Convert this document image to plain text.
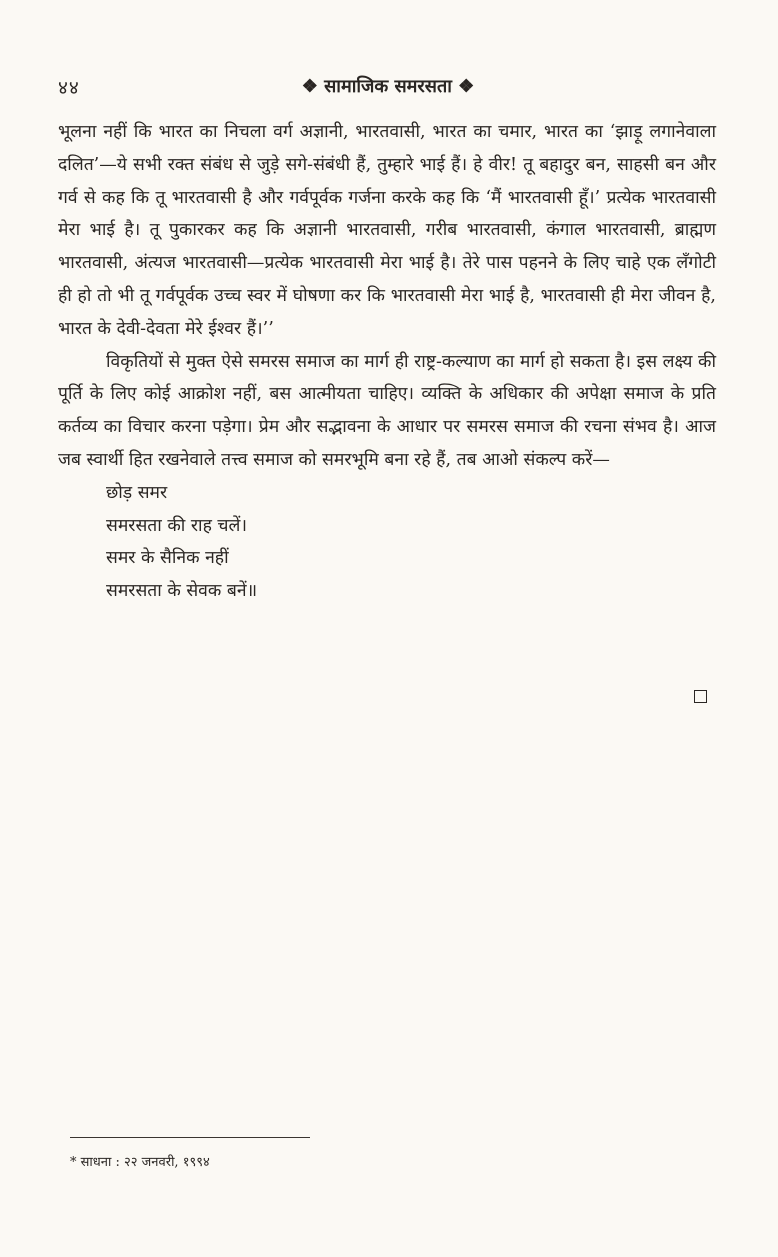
४४	❖ सामाजिक समरसता ❖

भूलना नहीं कि भारत का निचला वर्ग अज्ञानी, भारतवासी, भारत का चमार, भारत का ‘झाड़ू लगानेवाला दलित’—ये सभी रक्त संबंध से जुड़े सगे-संबंधी हैं, तुम्हारे भाई हैं। हे वीर! तू बहादुर बन, साहसी बन और गर्व से कह कि तू भारतवासी है और गर्वपूर्वक गर्जना करके कह कि ‘मैं भारतवासी हूँ।’ प्रत्येक भारतवासी मेरा भाई है। तू पुकारकर कह कि अज्ञानी भारतवासी, गरीब भारतवासी, कंगाल भारतवासी, ब्राह्मण भारतवासी, अंत्यज भारतवासी—प्रत्येक भारतवासी मेरा भाई है। तेरे पास पहनने के लिए चाहे एक लँगोटी ही हो तो भी तू गर्वपूर्वक उच्च स्वर में घोषणा कर कि भारतवासी मेरा भाई है, भारतवासी ही मेरा जीवन है, भारत के देवी-देवता मेरे ईश्वर हैं।’’

विकृतियों से मुक्त ऐसे समरस समाज का मार्ग ही राष्ट्र-कल्याण का मार्ग हो सकता है। इस लक्ष्य की पूर्ति के लिए कोई आक्रोश नहीं, बस आत्मीयता चाहिए। व्यक्ति के अधिकार की अपेक्षा समाज के प्रति कर्तव्य का विचार करना पड़ेगा। प्रेम और सद्भावना के आधार पर समरस समाज की रचना संभव है। आज जब स्वार्थी हित रखनेवाले तत्त्व समाज को समरभूमि बना रहे हैं, तब आओ संकल्प करें—

छोड़ समर
समरसता की राह चलें।
समर के सैनिक नहीं
समरसता के सेवक बनें॥
* साधना : २२ जनवरी, १९९४
